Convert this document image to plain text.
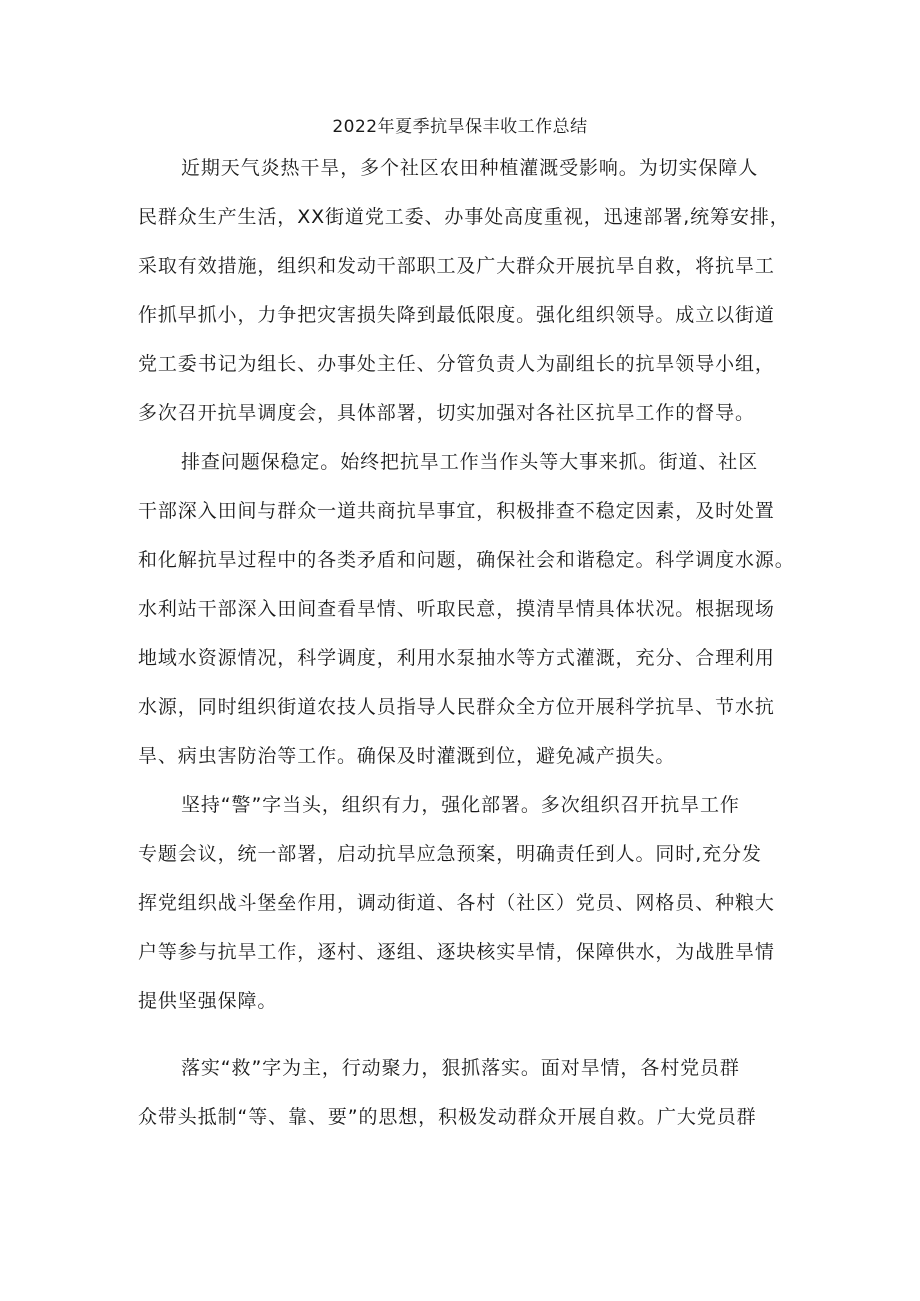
2022年夏季抗旱保丰收工作总结
近期天气炎热干旱，多个社区农田种植灌溉受影响。为切实保障人
民群众生产生活，XX街道党工委、办事处高度重视，迅速部署,统筹安排，
采取有效措施，组织和发动干部职工及广大群众开展抗旱自救，将抗旱工
作抓早抓小，力争把灾害损失降到最低限度。强化组织领导。成立以街道
党工委书记为组长、办事处主任、分管负责人为副组长的抗旱领导小组，
多次召开抗旱调度会，具体部署，切实加强对各社区抗旱工作的督导。
排查问题保稳定。始终把抗旱工作当作头等大事来抓。街道、社区
干部深入田间与群众一道共商抗旱事宜，积极排查不稳定因素，及时处置
和化解抗旱过程中的各类矛盾和问题，确保社会和谐稳定。科学调度水源。
水利站干部深入田间查看旱情、听取民意，摸清旱情具体状况。根据现场
地域水资源情况，科学调度，利用水泵抽水等方式灌溉，充分、合理利用
水源，同时组织街道农技人员指导人民群众全方位开展科学抗旱、节水抗
旱、病虫害防治等工作。确保及时灌溉到位，避免减产损失。
坚持“警”字当头，组织有力，强化部署。多次组织召开抗旱工作
专题会议，统一部署，启动抗旱应急预案，明确责任到人。同时,充分发
挥党组织战斗堡垒作用，调动街道、各村（社区）党员、网格员、种粮大
户等参与抗旱工作，逐村、逐组、逐块核实旱情，保障供水，为战胜旱情
提供坚强保障。
落实“救”字为主，行动聚力，狠抓落实。面对旱情，各村党员群
众带头抵制“等、靠、要”的思想，积极发动群众开展自救。广大党员群
